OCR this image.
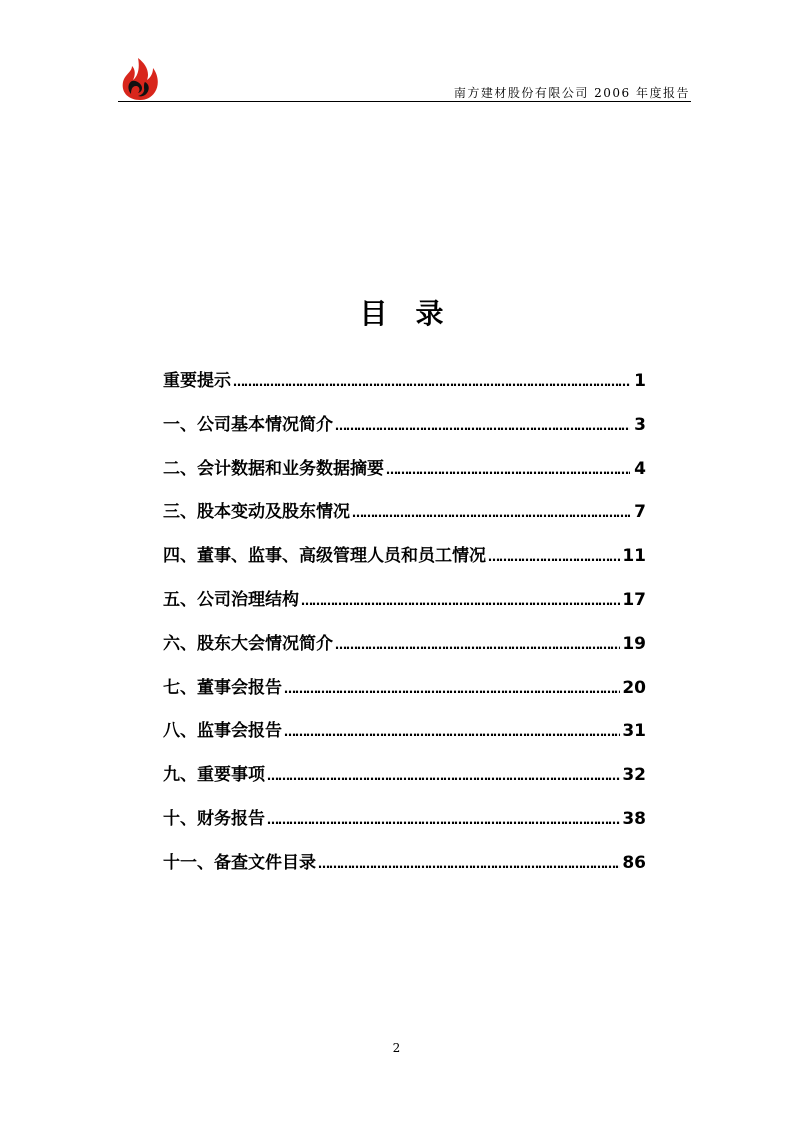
南方建材股份有限公司 2006 年度报告
目 录
重要提示 ……………………………………………………………………………………………………………………………………	1
一、公司基本情况简介 ……………………………………………………………………………………………………………………………………	3
二、会计数据和业务数据摘要 ……………………………………………………………………………………………………………………………………	4
三、股本变动及股东情况 ……………………………………………………………………………………………………………………………………	7
四、董事、监事、高级管理人员和员工情况 ……………………………………………………………………………………………………………………………………	11
五、公司治理结构 ……………………………………………………………………………………………………………………………………	17
六、股东大会情况简介 ……………………………………………………………………………………………………………………………………	19
七、董事会报告 ……………………………………………………………………………………………………………………………………	20
八、监事会报告 ……………………………………………………………………………………………………………………………………	31
九、重要事项 ……………………………………………………………………………………………………………………………………	32
十、财务报告 ……………………………………………………………………………………………………………………………………	38
十一、备查文件目录 ……………………………………………………………………………………………………………………………………	86
2
